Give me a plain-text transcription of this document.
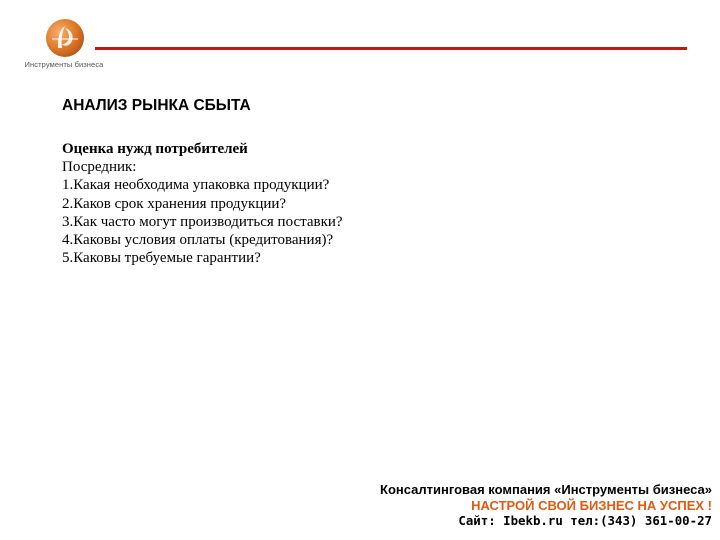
Инструменты бизнеса
АНАЛИЗ РЫНКА СБЫТА
Оценка нужд потребителей
Посредник:
1.Какая необходима упаковка продукции?
2.Каков срок хранения продукции?
3.Как часто могут производиться поставки?
4.Каковы условия оплаты (кредитования)?
5.Каковы требуемые гарантии?
Консалтинговая компания «Инструменты бизнеса»
НАСТРОЙ СВОЙ БИЗНЕС НА УСПЕХ !
Сайт: Ibekb.ru тел:(343) 361-00-27
